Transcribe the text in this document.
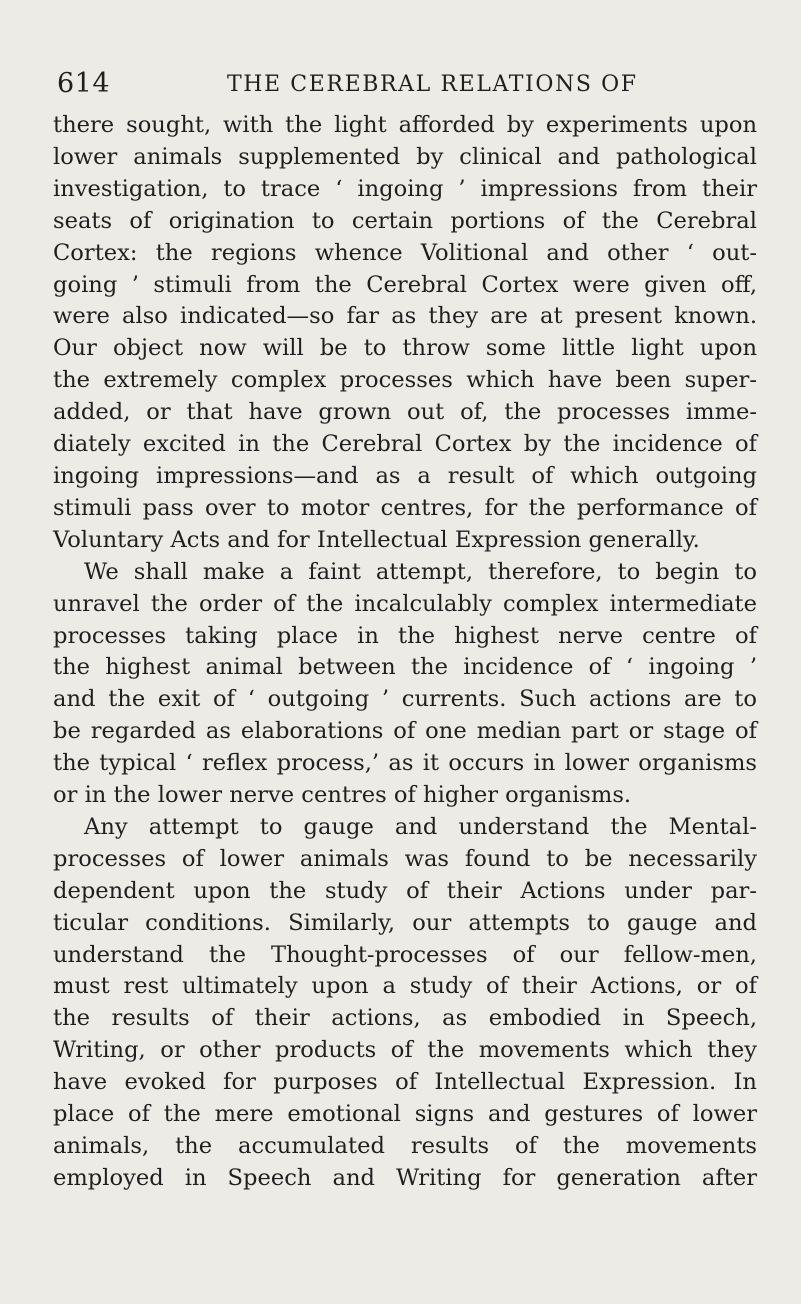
614	THE CEREBRAL RELATIONS OF
there sought, with the light afforded by experiments upon
lower animals supplemented by clinical and pathological
investigation, to trace ‘ ingoing ’ impressions from their
seats of origination to certain portions of the Cerebral
Cortex: the regions whence Volitional and other ‘ out-
going ’ stimuli from the Cerebral Cortex were given off,
were also indicated—so far as they are at present known.
Our object now will be to throw some little light upon
the extremely complex processes which have been super-
added, or that have grown out of, the processes imme-
diately excited in the Cerebral Cortex by the incidence of
ingoing impressions—and as a result of which outgoing
stimuli pass over to motor centres, for the performance of
Voluntary Acts and for Intellectual Expression generally.
We shall make a faint attempt, therefore, to begin to
unravel the order of the incalculably complex intermediate
processes taking place in the highest nerve centre of
the highest animal between the incidence of ‘ ingoing ’
and the exit of ‘ outgoing ’ currents. Such actions are to
be regarded as elaborations of one median part or stage of
the typical ‘ reflex process,’ as it occurs in lower organisms
or in the lower nerve centres of higher organisms.
Any attempt to gauge and understand the Mental-
processes of lower animals was found to be necessarily
dependent upon the study of their Actions under par-
ticular conditions. Similarly, our attempts to gauge and
understand the Thought-processes of our fellow-men,
must rest ultimately upon a study of their Actions, or of
the results of their actions, as embodied in Speech,
Writing, or other products of the movements which they
have evoked for purposes of Intellectual Expression. In
place of the mere emotional signs and gestures of lower
animals, the accumulated results of the movements
employed in Speech and Writing for generation after
